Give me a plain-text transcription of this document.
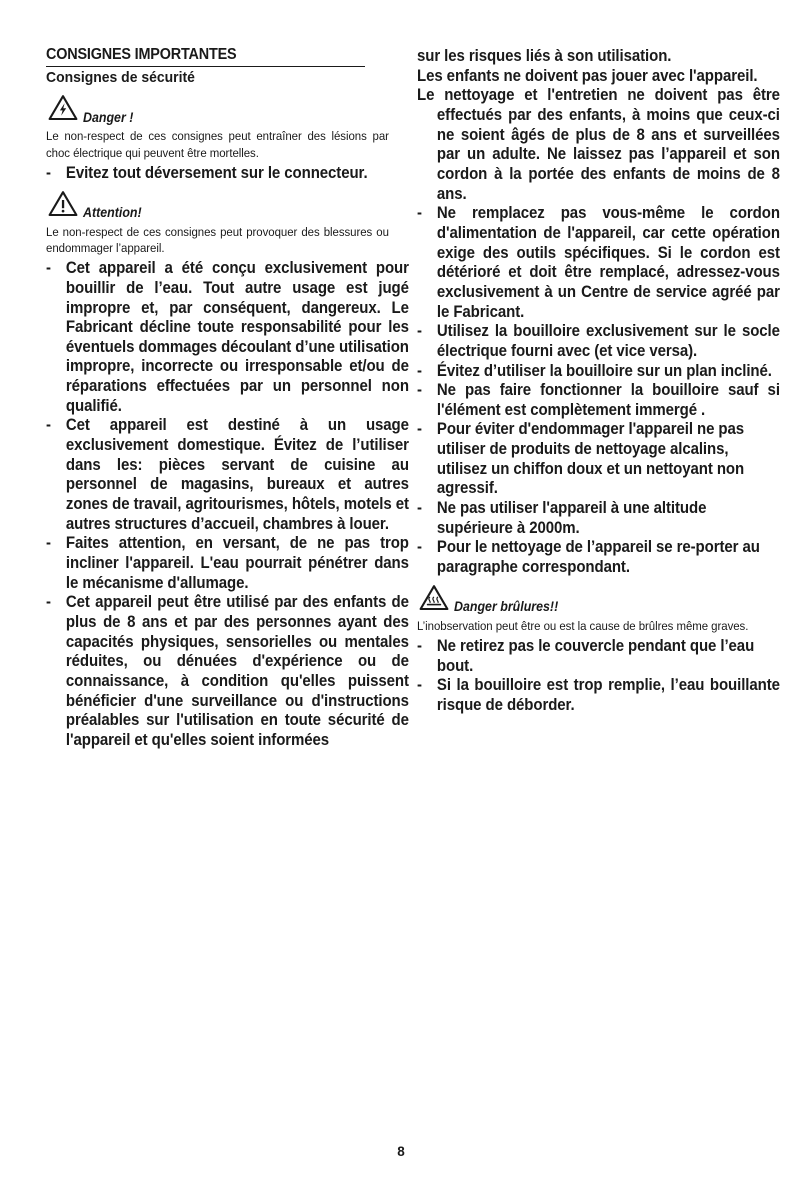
CONSIGNES IMPORTANTES
Consignes de sécurité
Danger !

Le non-respect de ces consignes peut entraîner des lésions par choc électrique qui peuvent être mortelles.

- Evitez tout déversement sur le connecteur.
Attention!

Le non-respect de ces consignes peut provoquer des blessures ou endommager l’appareil.

- Cet appareil a été conçu exclusivement pour bouillir de l’eau. Tout autre usage est jugé impropre et, par conséquent, dangereux. Le Fabricant décline toute responsabilité pour les éventuels dommages découlant d’une utilisation impropre, incorrecte ou irresponsable et/ou de réparations effectuées par un personnel non qualifié.
- Cet appareil est destiné à un usage exclusivement domestique. Évitez de l’utiliser dans les: pièces servant de cuisine au personnel de magasins, bureaux et autres zones de travail, agritourismes, hôtels, motels et autres structures d’accueil, chambres à louer.
- Faites attention, en versant, de ne pas trop incliner l'appareil. L'eau pourrait pénétrer dans le mécanisme d'allumage.
- Cet appareil peut être utilisé par des enfants de plus de 8 ans et par des personnes ayant des capacités physiques, sensorielles ou mentales réduites, ou dénuées d'expérience ou de connaissance, à condition qu'elles puissent bénéficier d'une surveillance ou d'instructions préalables sur l'utilisation en toute sécurité de l'appareil et qu'elles soient informées
sur les risques liés à son utilisation.
Les enfants ne doivent pas jouer avec l'appareil.
Le nettoyage et l'entretien ne doivent pas être effectués par des enfants, à moins que ceux-ci ne soient âgés de plus de 8 ans et surveillées par un adulte. Ne laissez pas l’appareil et son cordon à la portée des enfants de moins de 8 ans.
- Ne remplacez pas vous-même le cordon d'alimentation de l'appareil, car cette opération exige des outils spécifiques. Si le cordon est détérioré et doit être remplacé, adressez-vous exclusivement à un Centre de service agréé par le Fabricant.
- Utilisez la bouilloire exclusivement sur le socle électrique fourni avec (et vice versa).
- Évitez d’utiliser la bouilloire sur un plan incliné.
- Ne pas faire fonctionner la bouilloire sauf si l'élément est complètement immergé .
- Pour éviter d'endommager l'appareil ne pas utiliser de produits de nettoyage alcalins, utilisez un chiffon doux et un nettoyant non agressif.
- Ne pas utiliser l'appareil à une altitude supérieure à 2000m.
- Pour le nettoyage de l’appareil se re-porter au paragraphe correspondant.
Danger brûlures!!

L’inobservation peut être ou est la cause de brûlres même graves.

- Ne retirez pas le couvercle pendant que l’eau bout.
- Si la bouilloire est trop remplie, l’eau bouillante risque de déborder.
8
